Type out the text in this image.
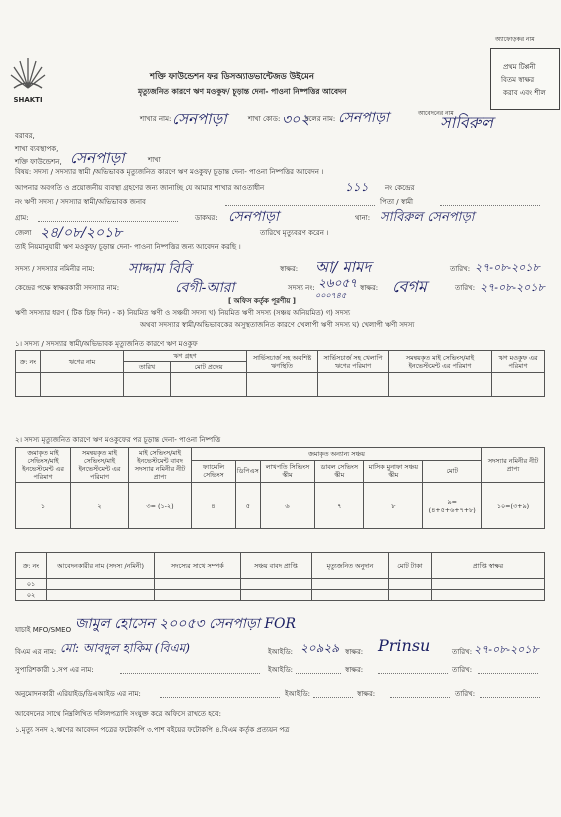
SHAKTI
অ্যাফোড়কর নাম
প্রথম টিপ্পনী
বিতম স্বাক্ষর
করাব এবং শীল
শক্তি ফাউন্ডেশন ফর ডিসঅ্যাডভান্টেজড উইমেন
মৃত্যুজনিত কারণে ঋণ মওকুফ/ চূড়ান্ত দেনা- পাওনা নিষ্পত্তির আবেদন
শাখার নাম: সেনপাড়া	শাখা কোড: ৩০২
দলের নাম: সেনপাড়া	আবেদনের নাম
সাবিরুল
বরাবর,
শাখা ব্যবস্থাপক,
শক্তি ফাউন্ডেশন, সেনপাড়া	শাখা
বিষয়: সদস্য / সদস্যার স্বামী /অভিভাবক মৃত্যুজনিত কারণে ঋণ মওকুফ/ চূড়ান্ত দেনা- পাওনা নিষ্পত্তির আবেদন ।
আপনার অবগতি ও প্রয়োজনীয় ব্যবস্থা গ্রহণের জন্য জানাচ্ছি যে আমার শাখার আওতাধীন	১১১ নং কেন্দ্রের
নং ঋণী সদস্য / সদস্যার স্বামী/অভিভাবক জনাব	পিতা / স্বামী
গ্রাম:	ডাকঘর: সেনপাড়া	থানা: সাবিরুল সেনপাড়া
জেলা ২৪/০৮/২০১৮	তারিখে মৃত্যুবরণ করেন ।
তাই নিয়মানুযায়ী ঋণ মওকুফ/ চূড়ান্ত দেনা- পাওনা নিষ্পত্তির জন্য আবেদন করছি ।
সদস্য / সদস্যার নমিনীর নাম: সাদ্দাম বিবি	স্বাক্ষর: আ/ মামদ	তারিখ: ২৭-০৮-২০১৮
কেন্দ্রের পক্ষে স্বাক্ষরকারী সদস্যার নাম:	বেগী-আরা	সদস্য নং: ২৬০৫৭
০০০৭৪৫
স্বাক্ষর: বেগম	তারিখ: ২৭-০৮-২০১৮
[ অফিস কর্তৃক পূরণীয় ]
ঋণী সদস্যার ধরণ ( টিক চিহ্ন দিন) - ক) নিয়মিত ঋণী ও সঞ্চয়ী সদস্য খ) নিয়মিত ঋণী সদস্য (সঞ্চয় অনিয়মিত) গ) সদস্য
অথবা সদস্যার স্বামী/অভিভাবকের অসুস্থতাজনিত কারণে খেলাপী ঋণী সদস্য ঘ) খেলাপী ঋণী সদস্য
১। সদস্য / সদস্যার স্বামী/অভিভাবক মৃত্যুজনিত কারণে ঋণ মওকুফ
ক্র: নং	ঋণের নাম	ঋণ গ্রহণ		সার্ভিসচার্জ সহ অবশিষ্ট ঋণস্থিতি	সার্ভিসচার্জ সহ খেলাপি ঋণের পরিমাণ	সমন্বয়কৃত মাই সেভিংস/মাই ইনভেস্টমেন্ট এর পরিমাণ	ঋণ মওকুফ এর পরিমাণ
		তারিখ	মোট প্রদেয়				

২। সদস্য মৃত্যুজনিত কারণে ঋণ মওকুফের পর চূড়ান্ত দেনা- পাওনা নিষ্পত্তি
জমাকৃত মাই সেভিংস/মাই ইনভেস্টমেন্ট এর পরিমাণ	সমন্বয়কৃত মাই সেভিংস/মাই ইনভেস্টমেন্ট এর পরিমাণ	মাই সেভিংস/মাই ইনভেস্টমেন্ট বাবদ সদস্যার নমিনীর নীট প্রাপ্য	জমাকৃত অন্যান্য সঞ্চয়						সদস্যার নমিনীর নীট প্রাপ্য
			ফ্যামেলি সেভিংস	ডিপিএস	লাখপতি সিভিংস স্কীম	ডাবল সেভিংস স্কীম	মাসিক মুনাফা সঞ্চয় স্কীম	মোট	
১	২	৩= (১-২)	৪	৫	৬	৭	৮	৯=(৪+৫+৬+৭+৮)	১০=(৩+৯)
ক্র: নং	আবেদনকারীর নাম (সদস্য /নমিনী)	সদস্যের সাথে সম্পর্ক	সঞ্চয় বাবদ প্রাপ্তি	মৃত্যুজনিত অনুদান	মোট টাকা	প্রাপ্তি স্বাক্ষর
০১						
০২						
যাচাই MFO/SMEO জামুল হোসেন ২০০৫৩ সেনপাড়া FOR
বিএম এর নাম: মো: আবদুল হাকিম (বিএম)	ইআইডি: ২০৯২৯ স্বাক্ষর: Prinsu	তারিখ: ২৭-০৮-২০১৮
সুপারিশকারী ১.সপ এর নাম:	ইআইডি:	স্বাক্ষর:	তারিখ:
অনুমোদনকারী এরিয়াইড/ডিএআইড এর নাম:	ইআইডি:	স্বাক্ষর:	তারিখ:
আবেদনের সাথে নিম্নলিখিত দলিলপত্রাদি সংযুক্ত করে অফিসে রাখতে হবে:
১.মৃত্যু সনদ ২.ঋণের আবেদন পত্রের ফটোকপি ৩.পাশ বইয়ের ফটোকপি ৪.বিএম কর্তৃক প্রত্যয়ন পত্র
